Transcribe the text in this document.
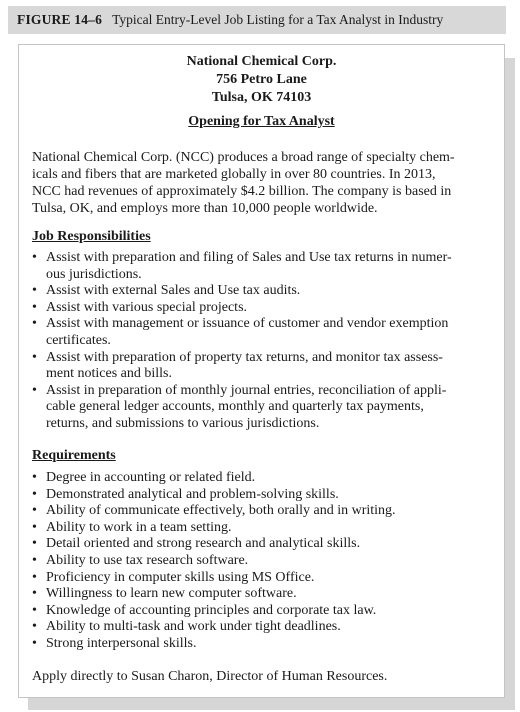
FIGURE 14–6 Typical Entry-Level Job Listing for a Tax Analyst in Industry
National Chemical Corp.
756 Petro Lane
Tulsa, OK 74103
Opening for Tax Analyst
National Chemical Corp. (NCC) produces a broad range of specialty chem-
icals and fibers that are marketed globally in over 80 countries. In 2013,
NCC had revenues of approximately $4.2 billion. The company is based in
Tulsa, OK, and employs more than 10,000 people worldwide.
Job Responsibilities
• Assist with preparation and filing of Sales and Use tax returns in numer-
ous jurisdictions.
• Assist with external Sales and Use tax audits.
• Assist with various special projects.
• Assist with management or issuance of customer and vendor exemption
certificates.
• Assist with preparation of property tax returns, and monitor tax assess-
ment notices and bills.
• Assist in preparation of monthly journal entries, reconciliation of appli-
cable general ledger accounts, monthly and quarterly tax payments,
returns, and submissions to various jurisdictions.
Requirements
• Degree in accounting or related field.
• Demonstrated analytical and problem-solving skills.
• Ability of communicate effectively, both orally and in writing.
• Ability to work in a team setting.
• Detail oriented and strong research and analytical skills.
• Ability to use tax research software.
• Proficiency in computer skills using MS Office.
• Willingness to learn new computer software.
• Knowledge of accounting principles and corporate tax law.
• Ability to multi-task and work under tight deadlines.
• Strong interpersonal skills.
Apply directly to Susan Charon, Director of Human Resources.
